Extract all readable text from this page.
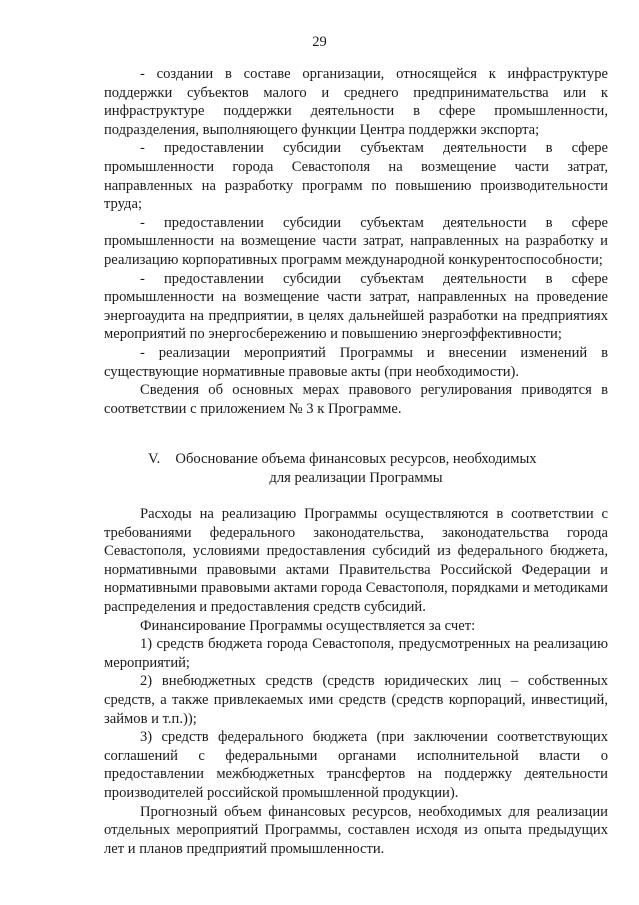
29

- создании в составе организации, относящейся к инфраструктуре поддержки субъектов малого и среднего предпринимательства или к инфраструктуре поддержки деятельности в сфере промышленности, подразделения, выполняющего функции Центра поддержки экспорта;

- предоставлении субсидии субъектам деятельности в сфере промышленности города Севастополя на возмещение части затрат, направленных на разработку программ по повышению производительности труда;

- предоставлении субсидии субъектам деятельности в сфере промышленности на возмещение части затрат, направленных на разработку и реализацию корпоративных программ международной конкурентоспособности;

- предоставлении субсидии субъектам деятельности в сфере промышленности на возмещение части затрат, направленных на проведение энергоаудита на предприятии, в целях дальнейшей разработки на предприятиях мероприятий по энергосбережению и повышению энергоэффективности;

- реализации мероприятий Программы и внесении изменений в существующие нормативные правовые акты (при необходимости).

Сведения об основных мерах правового регулирования приводятся в соответствии с приложением № 3 к Программе.

V.	Обоснование объема финансовых ресурсов, необходимых
для реализации Программы

Расходы на реализацию Программы осуществляются в соответствии с требованиями федерального законодательства, законодательства города Севастополя, условиями предоставления субсидий из федерального бюджета, нормативными правовыми актами Правительства Российской Федерации и нормативными правовыми актами города Севастополя, порядками и методиками распределения и предоставления средств субсидий.

Финансирование Программы осуществляется за счет:

1) средств бюджета города Севастополя, предусмотренных на реализацию мероприятий;

2) внебюджетных средств (средств юридических лиц – собственных средств, а также привлекаемых ими средств (средств корпораций, инвестиций, займов и т.п.));

3) средств федерального бюджета (при заключении соответствующих соглашений с федеральными органами исполнительной власти о предоставлении межбюджетных трансфертов на поддержку деятельности производителей российской промышленной продукции).

Прогнозный объем финансовых ресурсов, необходимых для реализации отдельных мероприятий Программы, составлен исходя из опыта предыдущих лет и планов предприятий промышленности.
